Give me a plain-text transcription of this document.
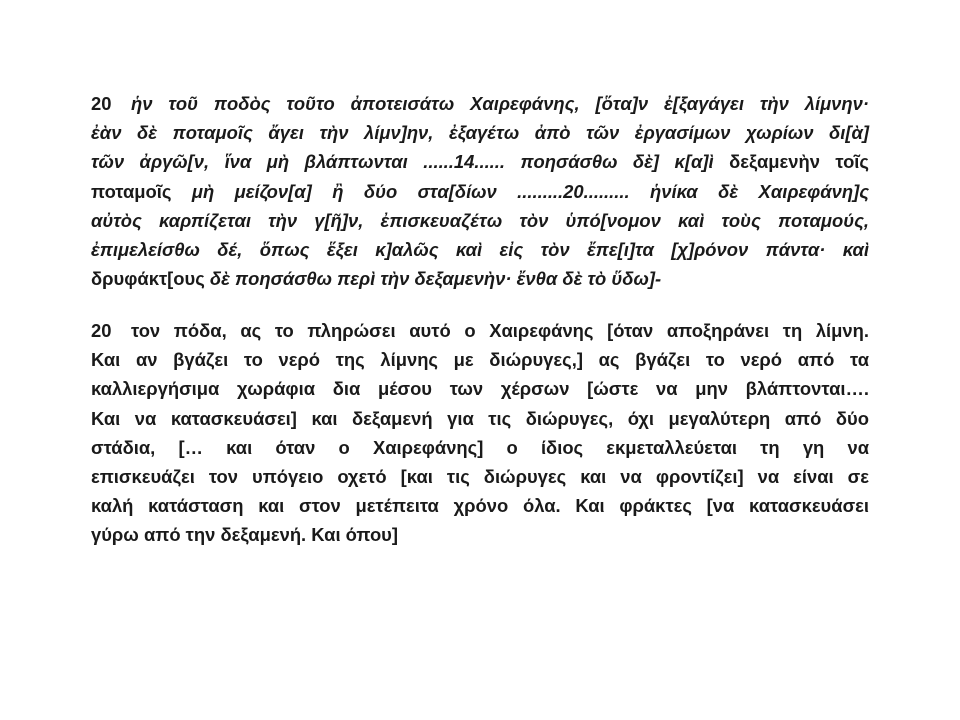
20 ἡν τοῦ ποδὸς τοῦτο ἀποτεισάτω Χαιρεφάνης, [ὅτα]ν ἐ[ξαγάγει τὴν λίμνην·
ἐὰν δὲ ποταμοῖς ἄγει τὴν λίμν]ην, ἐξαγέτω ἀπὸ τῶν ἐργασίμων χωρίων δι[ὰ]
τῶν ἀργῶ[ν, ἵνα μὴ βλάπτωνται ......14...... ποησάσθω δὲ] κ[α]ὶ δεξαμενὴν τοῖς
ποταμοῖς μὴ μείζον[α] ἢ δύο στα[δίων .........20......... ἡνίκα δὲ Χαιρεφάνη]ς
αὐτὸς καρπίζεται τὴν γ[ῆ]ν, ἐπισκευαζέτω τὸν ὑπό[νομον καὶ τοὺς ποταμούς,
ἐπιμελείσθω δέ, ὅπως ἕξει κ]αλῶς καὶ εἰς τὸν ἔπε[ι]τα [χ]ρόνον πάντα· καὶ
δρυφάκτ[ους δὲ ποησάσθω περὶ τὴν δεξαμενὴν· ἔνθα δὲ τὸ ὕδω]-
20 τον πόδα, ας το πληρώσει αυτό ο Χαιρεφάνης [όταν αποξηράνει τη λίμνη.
Και αν βγάζει το νερό της λίμνης με διώρυγες,] ας βγάζει το νερό από τα
καλλιεργήσιμα χωράφια δια μέσου των χέρσων [ώστε να μην βλάπτονται….
Και να κατασκευάσει] και δεξαμενή για τις διώρυγες, όχι μεγαλύτερη από δύο
στάδια, [… και όταν ο Χαιρεφάνης] ο ίδιος εκμεταλλεύεται τη γη να
επισκευάζει τον υπόγειο οχετό [και τις διώρυγες και να φροντίζει] να είναι σε
καλή κατάσταση και στον μετέπειτα χρόνο όλα. Και φράκτες [να κατασκευάσει
γύρω από την δεξαμενή. Και όπου]
